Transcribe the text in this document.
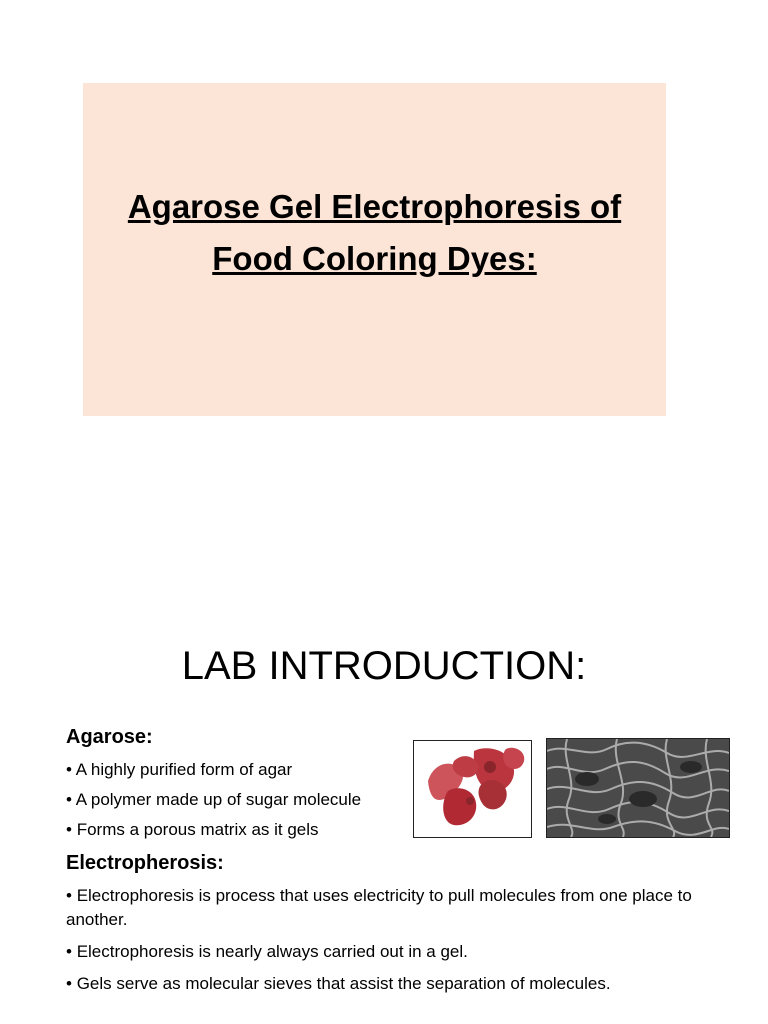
Agarose Gel Electrophoresis of
Food Coloring Dyes:
LAB INTRODUCTION:
Agarose:
• A highly purified form of agar
• A polymer made up of sugar molecule
• Forms a porous matrix as it gels
Electropherosis:
• Electrophoresis is process that uses electricity to pull molecules from one place to another.
• Electrophoresis is nearly always carried out in a gel.
• Gels serve as molecular sieves that assist the separation of molecules.
